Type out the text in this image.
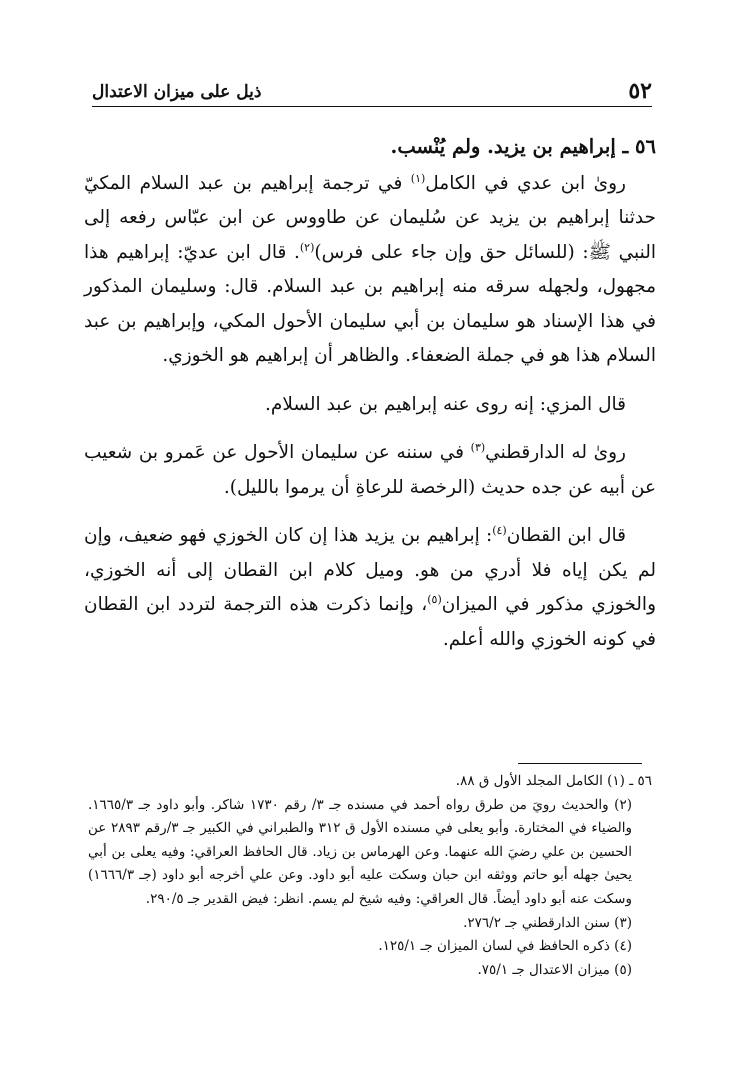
٥٢
ذيل على ميزان الاعتدال

٥٦ ـ إبراهيم بن يزيد. ولم يُنْسب.

روىٰ ابن عدي في الكامل$^{(١)}$ في ترجمة إبراهيم بن عبد السلام المكيّ حدثنا إبراهيم بن يزيد عن سُليمان عن طاووس عن ابن عبّاس رفعه إلى النبي ﷺ: (للسائل حق وإن جاء على فرس)$^{(٢)}$. قال ابن عديّ: إبراهيم هذا مجهول، ولجهله سرقه منه إبراهيم بن عبد السلام. قال: وسليمان المذكور في هذا الإسناد هو سليمان بن أبي سليمان الأحول المكي، وإبراهيم بن عبد السلام هذا هو في جملة الضعفاء. والظاهر أن إبراهيم هو الخوزي.

قال المزي: إنه روى عنه إبراهيم بن عبد السلام.

روىٰ له الدارقطني$^{(٣)}$ في سننه عن سليمان الأحول عن عَمرو بن شعيب عن أبيه عن جده حديث (الرخصة للرعاةِ أن يرموا بالليل).

قال ابن القطان$^{(٤)}$: إبراهيم بن يزيد هذا إن كان الخوزي فهو ضعيف، وإن لم يكن إياه فلا أدري من هو. وميل كلام ابن القطان إلى أنه الخوزي، والخوزي مذكور في الميزان$^{(٥)}$، وإنما ذكرت هذه الترجمة لتردد ابن القطان في كونه الخوزي والله أعلم.

٥٦ ـ (١) الكامل المجلد الأول ق ٨٨.

(٢) والحديث رويَ من طرق رواه أحمد في مسنده جـ ٣/ رقم ١٧٣٠ شاكر. وأبو داود جـ ١٦٦٥/٣. والضياء في المختارة. وأبو يعلى في مسنده الأول ق ٣١٢ والطبراني في الكبير جـ ٣/رقم ٢٨٩٣ عن الحسين بن علي رضيَ الله عنهما. وعن الهرماس بن زياد. قال الحافظ العراقي: وفيه يعلى بن أبي يحيىٰ جهله أبو حاتم ووثقه ابن حبان وسكت عليه أبو داود. وعن علي أخرجه أبو داود (جـ ١٦٦٦/٣) وسكت عنه أبو داود أيضاً. قال العراقي: وفيه شيخ لم يسم. انظر: فيض القدير جـ ٢٩٠/٥.

(٣) سنن الدارقطني جـ ٢٧٦/٢.

(٤) ذكره الحافظ في لسان الميزان جـ ١٢٥/١.

(٥) ميزان الاعتدال جـ ٧٥/١.
